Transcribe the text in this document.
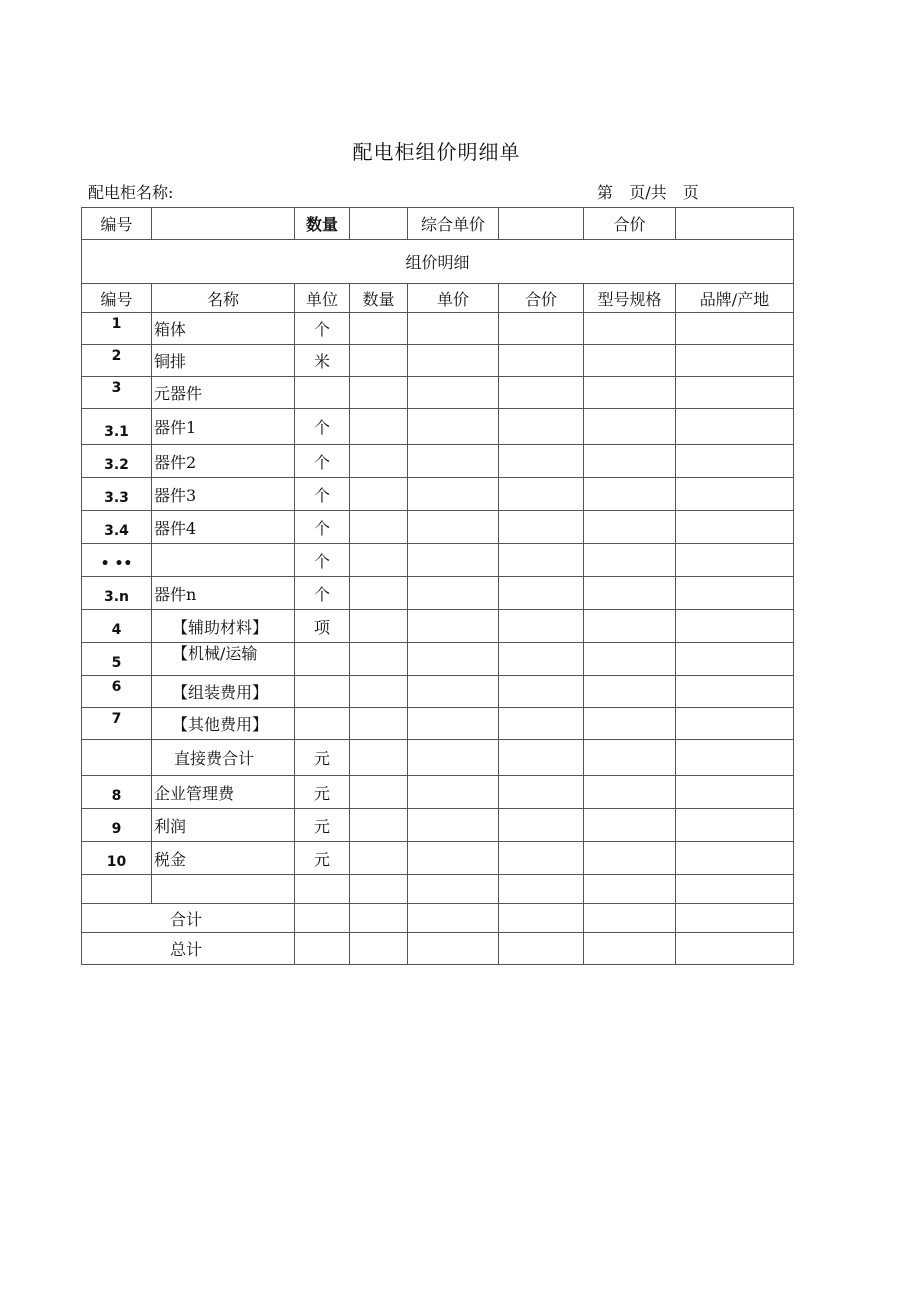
配电柜组价明细单
配电柜名称:	第 页/共 页
编号		数量		综合单价		合价	
组价明细							
编号	名称	单位	数量	单价	合价	型号规格	品牌/产地
1	箱体	个					
2	铜排	米					
3	元器件						
3.1	器件1	个					
3.2	器件2	个					
3.3	器件3	个					
3.4	器件4	个					
• ••		个					
3.n	器件n	个					
4	【辅助材料】	项					
5	【机械/运输						
6	【组装费用】						
7	【其他费用】						
	直接费合计	元					
8	企业管理费	元					
9	利润	元					
10	税金	元					

合计							
总计							
